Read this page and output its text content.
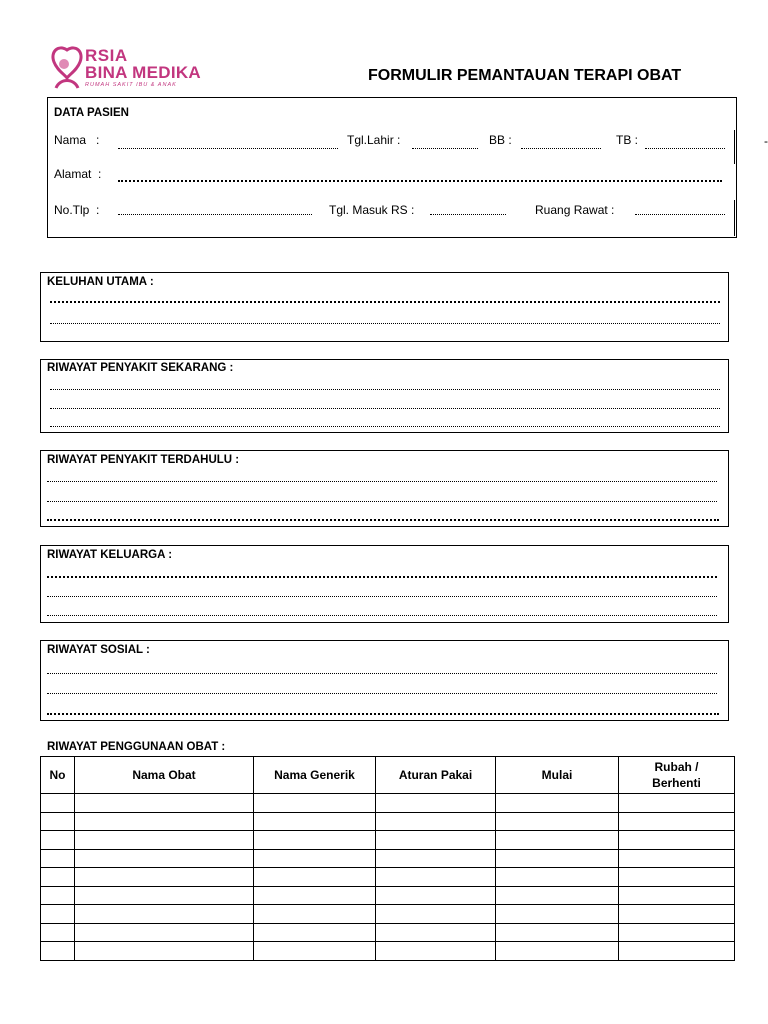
RSIA
BINA MEDIKA
RUMAH SAKIT IBU & ANAK
FORMULIR PEMANTAUAN TERAPI OBAT
-
DATA PASIEN
Nama   :	Tgl.Lahir :	BB :	TB :
Alamat  :
No.Tlp  :	Tgl. Masuk RS :	Ruang Rawat :
KELUHAN UTAMA :
RIWAYAT PENYAKIT SEKARANG :
RIWAYAT PENYAKIT TERDAHULU :
RIWAYAT KELUARGA :
RIWAYAT SOSIAL :
RIWAYAT PENGGUNAAN OBAT :
No	Nama Obat	Nama Generik	Aturan Pakai	Mulai	Rubah / Berhenti
